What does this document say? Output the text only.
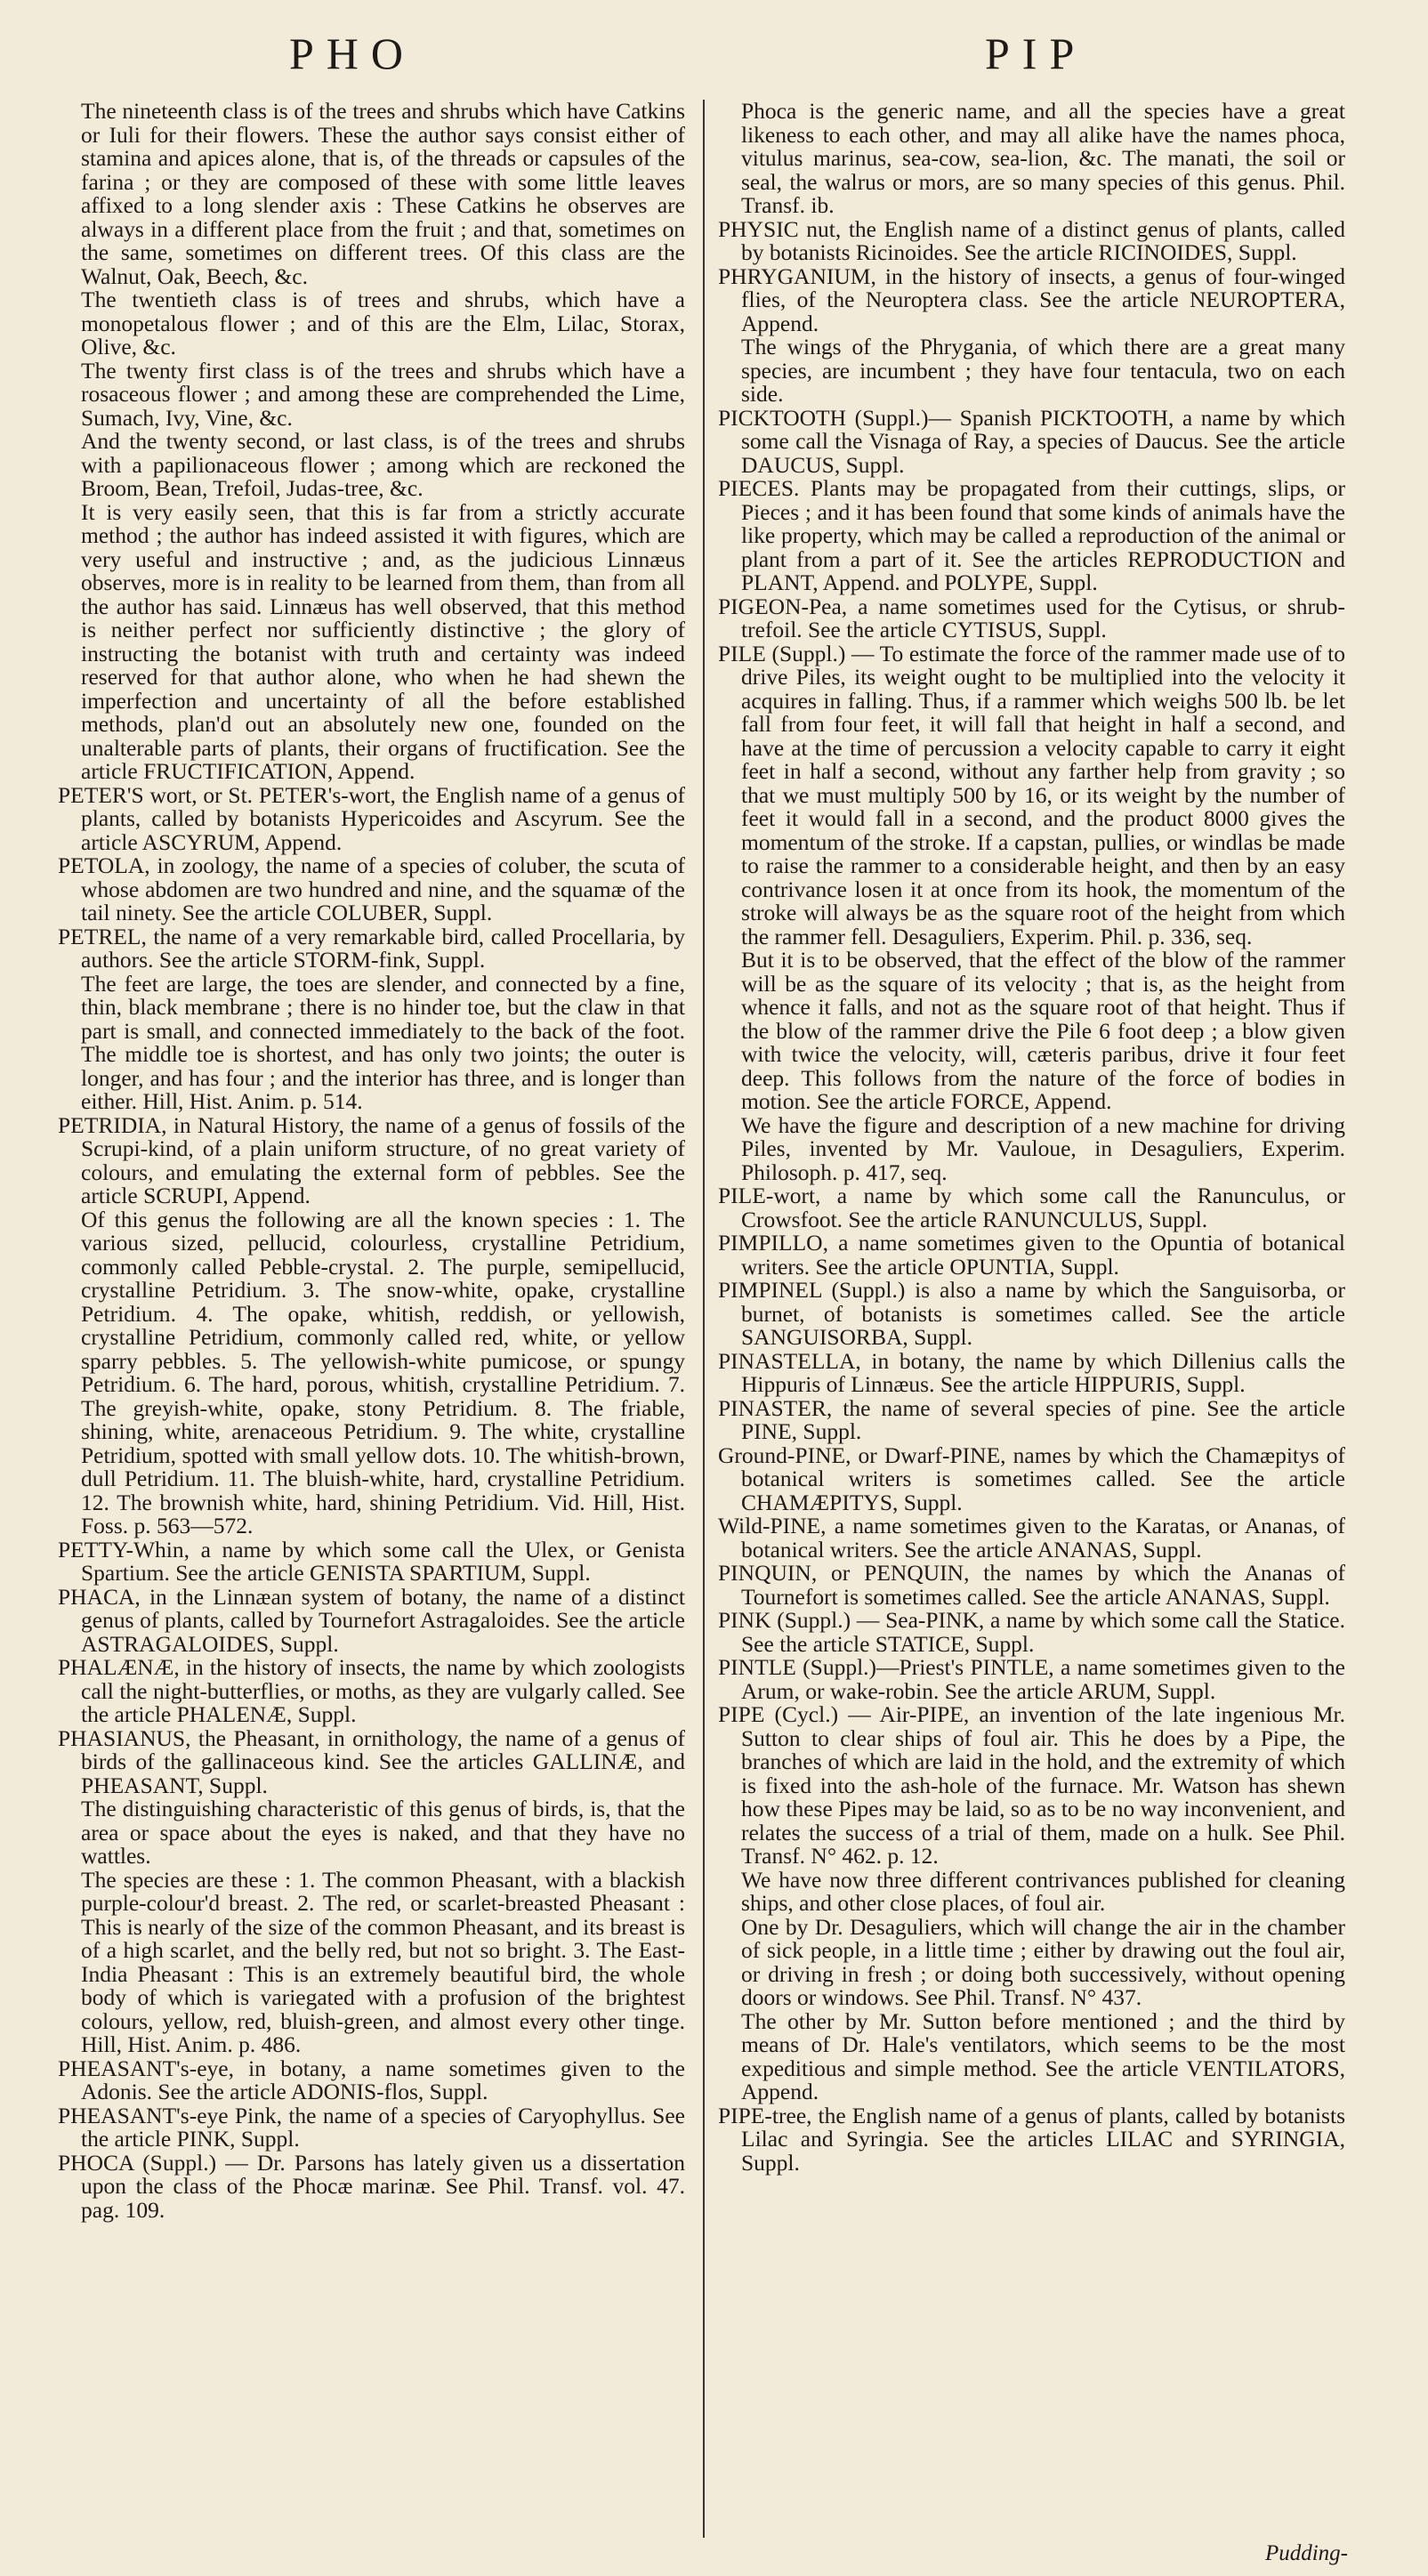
PHO	PIP

The nineteenth class is of the trees and shrubs which have Catkins or Iuli for their flowers. These the author says consist either of stamina and apices alone, that is, of the threads or capsules of the farina ; or they are composed of these with some little leaves affixed to a long slender axis : These Catkins he observes are always in a different place from the fruit ; and that, sometimes on the same, sometimes on different trees. Of this class are the Walnut, Oak, Beech, &c.

The twentieth class is of trees and shrubs, which have a monopetalous flower ; and of this are the Elm, Lilac, Storax, Olive, &c.

The twenty first class is of the trees and shrubs which have a rosaceous flower ; and among these are comprehended the Lime, Sumach, Ivy, Vine, &c.

And the twenty second, or last class, is of the trees and shrubs with a papilionaceous flower ; among which are reckoned the Broom, Bean, Trefoil, Judas-tree, &c.

It is very easily seen, that this is far from a strictly accurate method ; the author has indeed assisted it with figures, which are very useful and instructive ; and, as the judicious Linnæus observes, more is in reality to be learned from them, than from all the author has said. Linnæus has well observed, that this method is neither perfect nor sufficiently distinctive ; the glory of instructing the botanist with truth and certainty was indeed reserved for that author alone, who when he had shewn the imperfection and uncertainty of all the before established methods, plan'd out an absolutely new one, founded on the unalterable parts of plants, their organs of fructification. See the article FRUCTIFICATION, Append.

PETER'S wort, or St. PETER's-wort, the English name of a genus of plants, called by botanists Hypericoides and Ascyrum. See the article ASCYRUM, Append.

PETOLA, in zoology, the name of a species of coluber, the scuta of whose abdomen are two hundred and nine, and the squamæ of the tail ninety. See the article COLUBER, Suppl.

PETREL, the name of a very remarkable bird, called Procellaria, by authors. See the article STORM-fink, Suppl.

The feet are large, the toes are slender, and connected by a fine, thin, black membrane ; there is no hinder toe, but the claw in that part is small, and connected immediately to the back of the foot. The middle toe is shortest, and has only two joints; the outer is longer, and has four ; and the interior has three, and is longer than either. Hill, Hist. Anim. p. 514.

PETRIDIA, in Natural History, the name of a genus of fossils of the Scrupi-kind, of a plain uniform structure, of no great variety of colours, and emulating the external form of pebbles. See the article SCRUPI, Append.

Of this genus the following are all the known species : 1. The various sized, pellucid, colourless, crystalline Petridium, commonly called Pebble-crystal. 2. The purple, semipellucid, crystalline Petridium. 3. The snow-white, opake, crystalline Petridium. 4. The opake, whitish, reddish, or yellowish, crystalline Petridium, commonly called red, white, or yellow sparry pebbles. 5. The yellowish-white pumicose, or spungy Petridium. 6. The hard, porous, whitish, crystalline Petridium. 7. The greyish-white, opake, stony Petridium. 8. The friable, shining, white, arenaceous Petridium. 9. The white, crystalline Petridium, spotted with small yellow dots. 10. The whitish-brown, dull Petridium. 11. The bluish-white, hard, crystalline Petridium. 12. The brownish white, hard, shining Petridium. Vid. Hill, Hist. Foss. p. 563—572.

PETTY-Whin, a name by which some call the Ulex, or Genista Spartium. See the article GENISTA SPARTIUM, Suppl.

PHACA, in the Linnæan system of botany, the name of a distinct genus of plants, called by Tournefort Astragaloides. See the article ASTRAGALOIDES, Suppl.

PHALÆNÆ, in the history of insects, the name by which zoologists call the night-butterflies, or moths, as they are vulgarly called. See the article PHALENÆ, Suppl.

PHASIANUS, the Pheasant, in ornithology, the name of a genus of birds of the gallinaceous kind. See the articles GALLINÆ, and PHEASANT, Suppl.

The distinguishing characteristic of this genus of birds, is, that the area or space about the eyes is naked, and that they have no wattles.

The species are these : 1. The common Pheasant, with a blackish purple-colour'd breast. 2. The red, or scarlet-breasted Pheasant : This is nearly of the size of the common Pheasant, and its breast is of a high scarlet, and the belly red, but not so bright. 3. The East-India Pheasant : This is an extremely beautiful bird, the whole body of which is variegated with a profusion of the brightest colours, yellow, red, bluish-green, and almost every other tinge. Hill, Hist. Anim. p. 486.

PHEASANT's-eye, in botany, a name sometimes given to the Adonis. See the article ADONIS-flos, Suppl.

PHEASANT's-eye Pink, the name of a species of Caryophyllus. See the article PINK, Suppl.

PHOCA (Suppl.) — Dr. Parsons has lately given us a dissertation upon the class of the Phocæ marinæ. See Phil. Transf. vol. 47. pag. 109.

Phoca is the generic name, and all the species have a great likeness to each other, and may all alike have the names phoca, vitulus marinus, sea-cow, sea-lion, &c. The manati, the soil or seal, the walrus or mors, are so many species of this genus. Phil. Transf. ib.

PHYSIC nut, the English name of a distinct genus of plants, called by botanists Ricinoides. See the article RICINOIDES, Suppl.

PHRYGANIUM, in the history of insects, a genus of four-winged flies, of the Neuroptera class. See the article NEUROPTERA, Append.

The wings of the Phrygania, of which there are a great many species, are incumbent ; they have four tentacula, two on each side.

PICKTOOTH (Suppl.)— Spanish PICKTOOTH, a name by which some call the Visnaga of Ray, a species of Daucus. See the article DAUCUS, Suppl.

PIECES. Plants may be propagated from their cuttings, slips, or Pieces ; and it has been found that some kinds of animals have the like property, which may be called a reproduction of the animal or plant from a part of it. See the articles REPRODUCTION and PLANT, Append. and POLYPE, Suppl.

PIGEON-Pea, a name sometimes used for the Cytisus, or shrub-trefoil. See the article CYTISUS, Suppl.

PILE (Suppl.) — To estimate the force of the rammer made use of to drive Piles, its weight ought to be multiplied into the velocity it acquires in falling. Thus, if a rammer which weighs 500 lb. be let fall from four feet, it will fall that height in half a second, and have at the time of percussion a velocity capable to carry it eight feet in half a second, without any farther help from gravity ; so that we must multiply 500 by 16, or its weight by the number of feet it would fall in a second, and the product 8000 gives the momentum of the stroke. If a capstan, pullies, or windlas be made to raise the rammer to a considerable height, and then by an easy contrivance losen it at once from its hook, the momentum of the stroke will always be as the square root of the height from which the rammer fell. Desaguliers, Experim. Phil. p. 336, seq.

But it is to be observed, that the effect of the blow of the rammer will be as the square of its velocity ; that is, as the height from whence it falls, and not as the square root of that height. Thus if the blow of the rammer drive the Pile 6 foot deep ; a blow given with twice the velocity, will, cæteris paribus, drive it four feet deep. This follows from the nature of the force of bodies in motion. See the article FORCE, Append.

We have the figure and description of a new machine for driving Piles, invented by Mr. Vauloue, in Desaguliers, Experim. Philosoph. p. 417, seq.

PILE-wort, a name by which some call the Ranunculus, or Crowsfoot. See the article RANUNCULUS, Suppl.

PIMPILLO, a name sometimes given to the Opuntia of botanical writers. See the article OPUNTIA, Suppl.

PIMPINEL (Suppl.) is also a name by which the Sanguisorba, or burnet, of botanists is sometimes called. See the article SANGUISORBA, Suppl.

PINASTELLA, in botany, the name by which Dillenius calls the Hippuris of Linnæus. See the article HIPPURIS, Suppl.

PINASTER, the name of several species of pine. See the article PINE, Suppl.

Ground-PINE, or Dwarf-PINE, names by which the Chamæpitys of botanical writers is sometimes called. See the article CHAMÆPITYS, Suppl.

Wild-PINE, a name sometimes given to the Karatas, or Ananas, of botanical writers. See the article ANANAS, Suppl.

PINQUIN, or PENQUIN, the names by which the Ananas of Tournefort is sometimes called. See the article ANANAS, Suppl.

PINK (Suppl.) — Sea-PINK, a name by which some call the Statice. See the article STATICE, Suppl.

PINTLE (Suppl.)—Priest's PINTLE, a name sometimes given to the Arum, or wake-robin. See the article ARUM, Suppl.

PIPE (Cycl.) — Air-PIPE, an invention of the late ingenious Mr. Sutton to clear ships of foul air. This he does by a Pipe, the branches of which are laid in the hold, and the extremity of which is fixed into the ash-hole of the furnace. Mr. Watson has shewn how these Pipes may be laid, so as to be no way inconvenient, and relates the success of a trial of them, made on a hulk. See Phil. Transf. N° 462. p. 12.

We have now three different contrivances published for cleaning ships, and other close places, of foul air.

One by Dr. Desaguliers, which will change the air in the chamber of sick people, in a little time ; either by drawing out the foul air, or driving in fresh ; or doing both successively, without opening doors or windows. See Phil. Transf. N° 437.

The other by Mr. Sutton before mentioned ; and the third by means of Dr. Hale's ventilators, which seems to be the most expeditious and simple method. See the article VENTILATORS, Append.

PIPE-tree, the English name of a genus of plants, called by botanists Lilac and Syringia. See the articles LILAC and SYRINGIA, Suppl.

Pudding-
